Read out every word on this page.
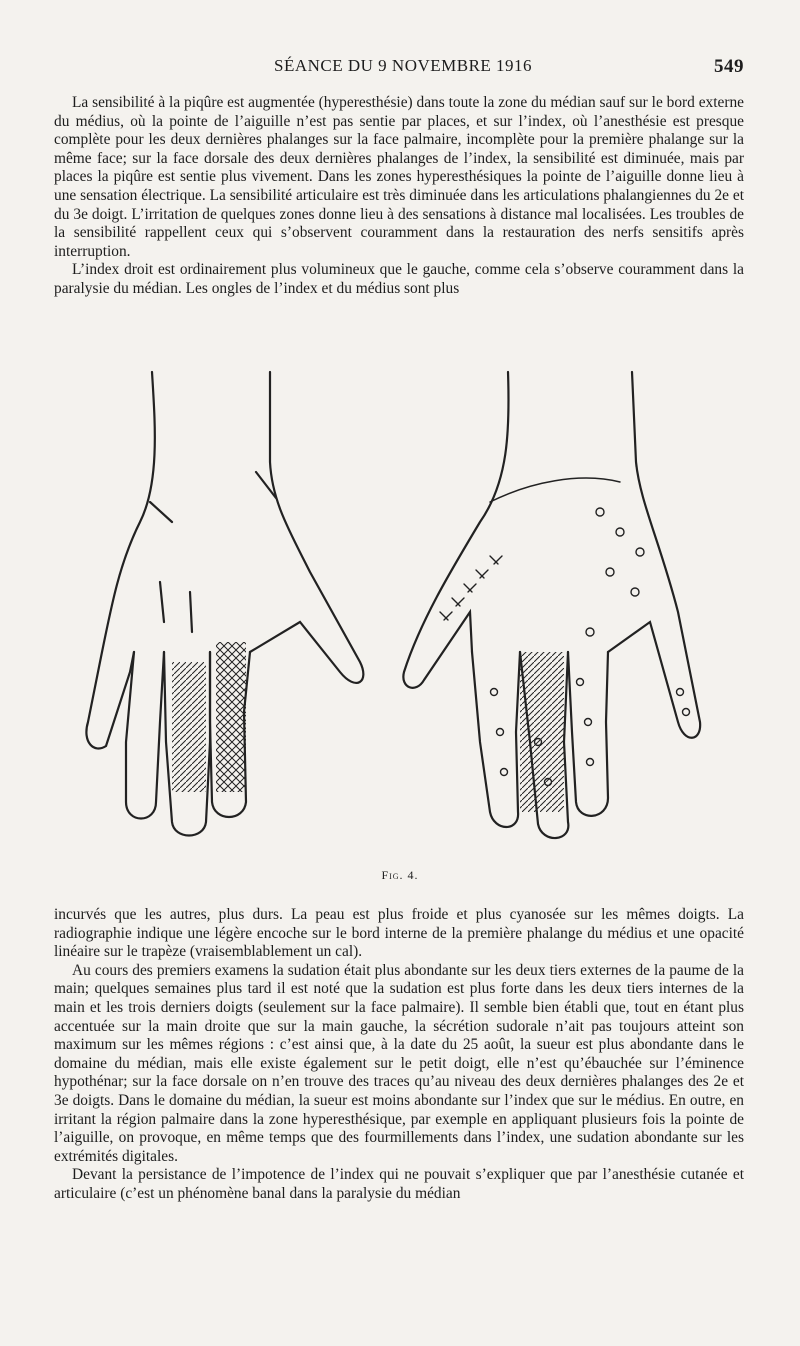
SÉANCE DU 9 NOVEMBRE 1916	549

La sensibilité à la piqûre est augmentée (hyperesthésie) dans toute la zone du médian sauf sur le bord externe du médius, où la pointe de l’aiguille n’est pas sentie par places, et sur l’index, où l’anesthésie est presque complète pour les deux dernières phalanges sur la face palmaire, incomplète pour la première phalange sur la même face; sur la face dorsale des deux dernières phalanges de l’index, la sensibilité est diminuée, mais par places la piqûre est sentie plus vivement. Dans les zones hyperesthésiques la pointe de l’aiguille donne lieu à une sensation électrique. La sensibilité articulaire est très diminuée dans les articulations phalangiennes du 2e et du 3e doigt. L’irritation de quelques zones donne lieu à des sensations à distance mal localisées. Les troubles de la sensibilité rappellent ceux qui s’observent couramment dans la restauration des nerfs sensitifs après interruption.

L’index droit est ordinairement plus volumineux que le gauche, comme cela s’observe couramment dans la paralysie du médian. Les ongles de l’index et du médius sont plus

Fig. 4.

incurvés que les autres, plus durs. La peau est plus froide et plus cyanosée sur les mêmes doigts. La radiographie indique une légère encoche sur le bord interne de la première phalange du médius et une opacité linéaire sur le trapèze (vraisemblablement un cal).

Au cours des premiers examens la sudation était plus abondante sur les deux tiers externes de la paume de la main; quelques semaines plus tard il est noté que la sudation est plus forte dans les deux tiers internes de la main et les trois derniers doigts (seulement sur la face palmaire). Il semble bien établi que, tout en étant plus accentuée sur la main droite que sur la main gauche, la sécrétion sudorale n’ait pas toujours atteint son maximum sur les mêmes régions : c’est ainsi que, à la date du 25 août, la sueur est plus abondante dans le domaine du médian, mais elle existe également sur le petit doigt, elle n’est qu’ébauchée sur l’éminence hypothénar; sur la face dorsale on n’en trouve des traces qu’au niveau des deux dernières phalanges des 2e et 3e doigts. Dans le domaine du médian, la sueur est moins abondante sur l’index que sur le médius. En outre, en irritant la région palmaire dans la zone hyperesthésique, par exemple en appliquant plusieurs fois la pointe de l’aiguille, on provoque, en même temps que des fourmillements dans l’index, une sudation abondante sur les extrémités digitales.

Devant la persistance de l’impotence de l’index qui ne pouvait s’expliquer que par l’anesthésie cutanée et articulaire (c’est un phénomène banal dans la paralysie du médian
